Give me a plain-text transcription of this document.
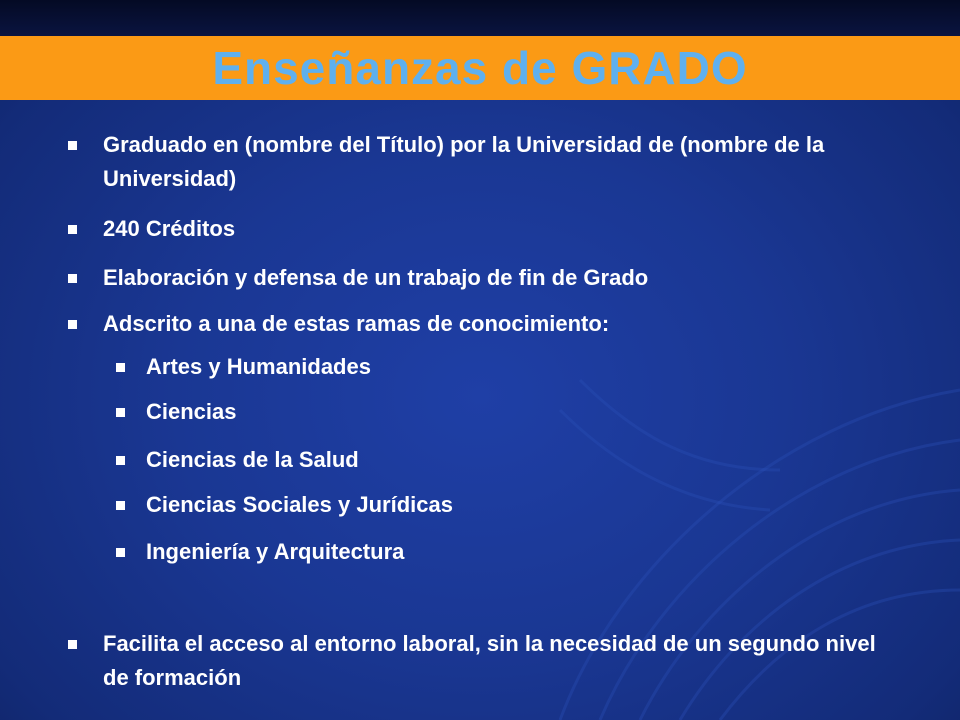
Enseñanzas de GRADO
Graduado en (nombre del Título) por la Universidad de (nombre de la Universidad)
240 Créditos
Elaboración y defensa de un trabajo de fin de Grado
Adscrito a una de estas ramas de conocimiento:
Artes y Humanidades
Ciencias
Ciencias de la Salud
Ciencias Sociales y Jurídicas
Ingeniería y Arquitectura
Facilita el acceso al entorno laboral, sin la necesidad de un segundo nivel de formación
